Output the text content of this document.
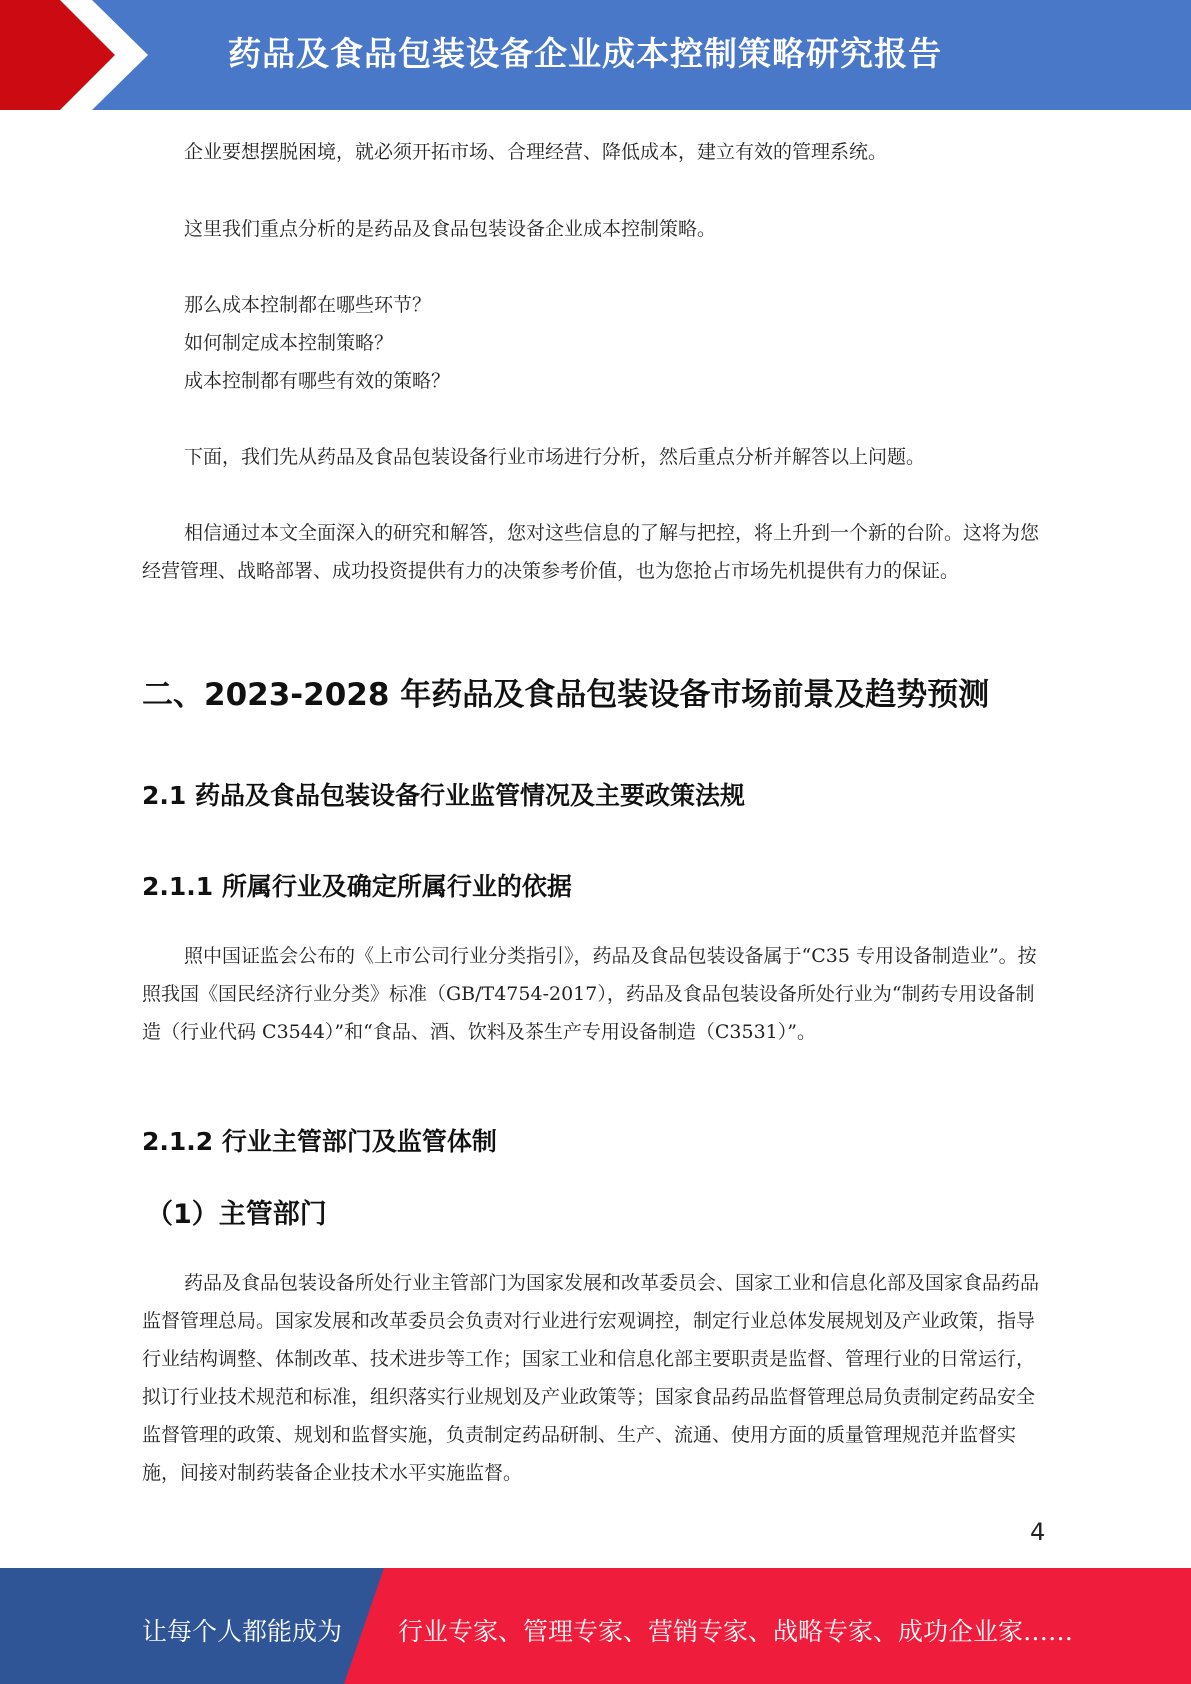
药品及食品包装设备企业成本控制策略研究报告

企业要想摆脱困境，就必须开拓市场、合理经营、降低成本，建立有效的管理系统。

这里我们重点分析的是药品及食品包装设备企业成本控制策略。

那么成本控制都在哪些环节？

如何制定成本控制策略？

成本控制都有哪些有效的策略？

下面，我们先从药品及食品包装设备行业市场进行分析，然后重点分析并解答以上问题。

相信通过本文全面深入的研究和解答，您对这些信息的了解与把控，将上升到一个新的台阶。这将为您经营管理、战略部署、成功投资提供有力的决策参考价值，也为您抢占市场先机提供有力的保证。

二、2023-2028 年药品及食品包装设备市场前景及趋势预测
2.1 药品及食品包装设备行业监管情况及主要政策法规
2.1.1 所属行业及确定所属行业的依据

照中国证监会公布的《上市公司行业分类指引》，药品及食品包装设备属于“C35 专用设备制造业”。按照我国《国民经济行业分类》标准（GB/T4754-2017），药品及食品包装设备所处行业为“制药专用设备制造（行业代码 C3544）”和“食品、酒、饮料及茶生产专用设备制造（C3531）”。

2.1.2 行业主管部门及监管体制
（1）主管部门

药品及食品包装设备所处行业主管部门为国家发展和改革委员会、国家工业和信息化部及国家食品药品监督管理总局。国家发展和改革委员会负责对行业进行宏观调控，制定行业总体发展规划及产业政策，指导行业结构调整、体制改革、技术进步等工作；国家工业和信息化部主要职责是监督、管理行业的日常运行，拟订行业技术规范和标准，组织落实行业规划及产业政策等；国家食品药品监督管理总局负责制定药品安全监督管理的政策、规划和监督实施，负责制定药品研制、生产、流通、使用方面的质量管理规范并监督实施，间接对制药装备企业技术水平实施监督。

4
让每个人都能成为 行业专家、管理专家、营销专家、战略专家、成功企业家……
